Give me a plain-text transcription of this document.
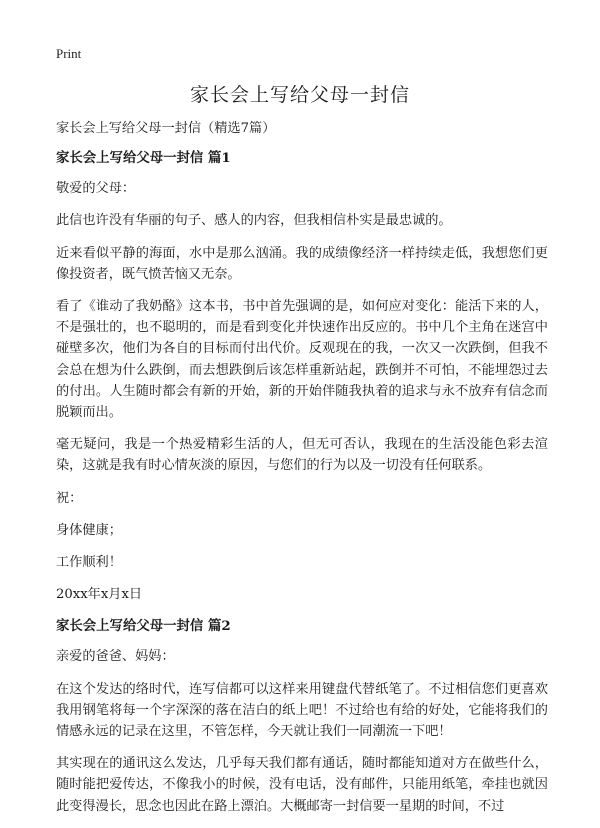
Print
家长会上写给父母一封信

家长会上写给父母一封信（精选7篇）

家长会上写给父母一封信 篇1

敬爱的父母：

此信也许没有华丽的句子、感人的内容，但我相信朴实是最忠诚的。

近来看似平静的海面，水中是那么汹涌。我的成绩像经济一样持续走低，我想您们更像投资者，既气愤苦恼又无奈。

看了《谁动了我奶酪》这本书，书中首先强调的是，如何应对变化：能活下来的人，不是强壮的，也不聪明的，而是看到变化并快速作出反应的。书中几个主角在迷宫中碰壁多次，他们为各自的目标而付出代价。反观现在的我，一次又一次跌倒，但我不会总在想为什么跌倒，而去想跌倒后该怎样重新站起，跌倒并不可怕，不能埋怨过去的付出。人生随时都会有新的开始，新的开始伴随我执着的追求与永不放弃有信念而脱颖而出。

毫无疑问，我是一个热爱精彩生活的人，但无可否认，我现在的生活没能色彩去渲染，这就是我有时心情灰淡的原因，与您们的行为以及一切没有任何联系。

祝：

身体健康；

工作顺利！

20xx年x月x日

家长会上写给父母一封信 篇2

亲爱的爸爸、妈妈：

在这个发达的络时代，连写信都可以这样来用键盘代替纸笔了。不过相信您们更喜欢我用钢笔将每一个字深深的落在洁白的纸上吧！不过给也有给的好处，它能将我们的情感永远的记录在这里，不管怎样，今天就让我们一同潮流一下吧！

其实现在的通讯这么发达，几乎每天我们都有通话，随时都能知道对方在做些什么，随时能把爱传达，不像我小的时候，没有电话，没有邮件，只能用纸笔，牵挂也就因此变得漫长，思念也因此在路上漂泊。大概邮寄一封信要一星期的时间，不过
